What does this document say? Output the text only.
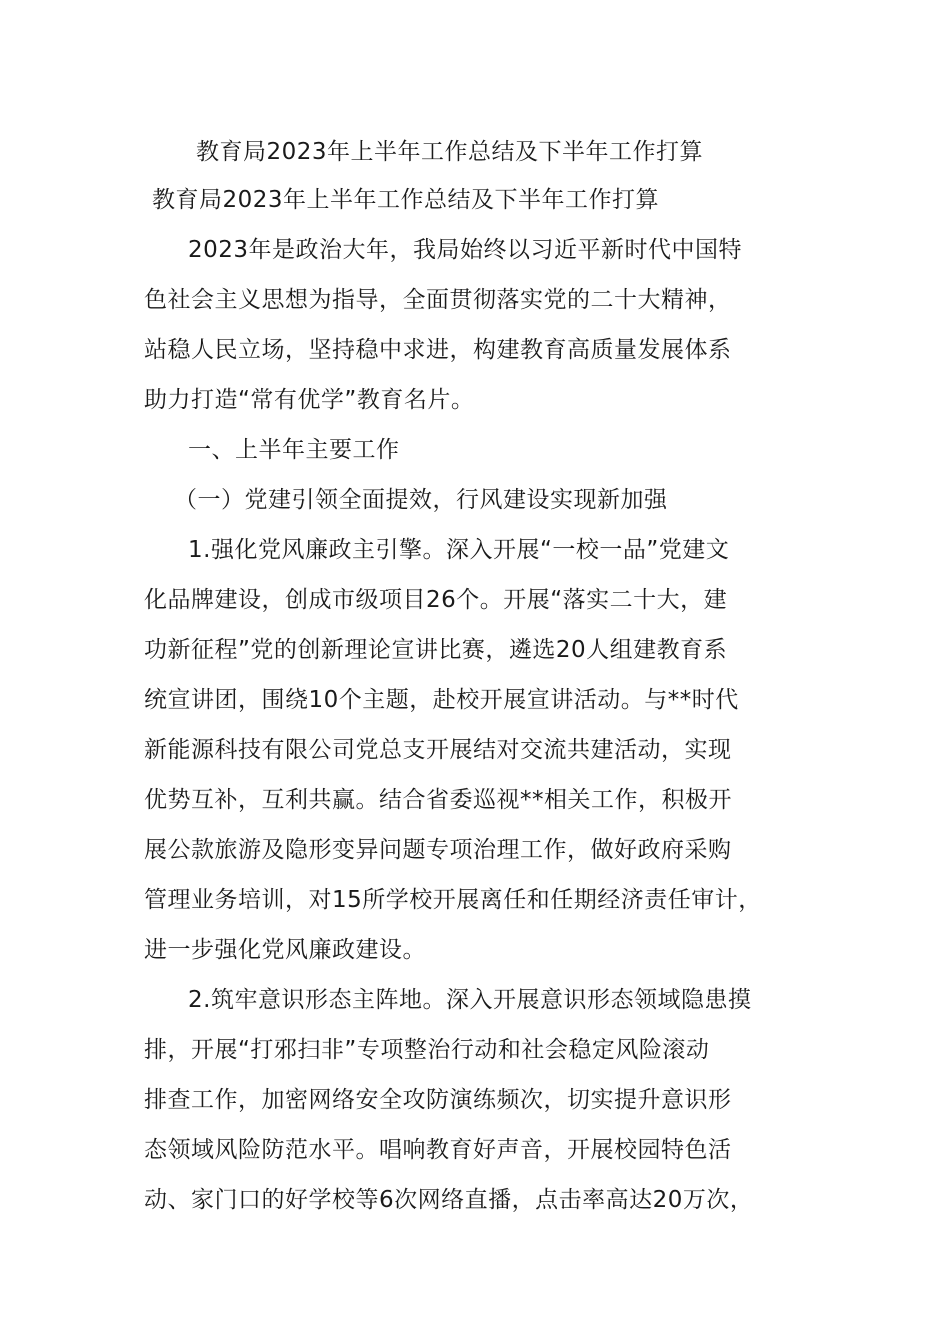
教育局2023年上半年工作总结及下半年工作打算
教育局2023年上半年工作总结及下半年工作打算
2023年是政治大年，我局始终以习近平新时代中国特
色社会主义思想为指导，全面贯彻落实党的二十大精神，
站稳人民立场，坚持稳中求进，构建教育高质量发展体系
助力打造“常有优学”教育名片。
一、上半年主要工作
（一）党建引领全面提效，行风建设实现新加强
1.强化党风廉政主引擎。深入开展“一校一品”党建文
化品牌建设，创成市级项目26个。开展“落实二十大，建
功新征程”党的创新理论宣讲比赛，遴选20人组建教育系
统宣讲团，围绕10个主题，赴校开展宣讲活动。与**时代
新能源科技有限公司党总支开展结对交流共建活动，实现
优势互补，互利共赢。结合省委巡视**相关工作，积极开
展公款旅游及隐形变异问题专项治理工作，做好政府采购
管理业务培训，对15所学校开展离任和任期经济责任审计，
进一步强化党风廉政建设。
2.筑牢意识形态主阵地。深入开展意识形态领域隐患摸
排，开展“打邪扫非”专项整治行动和社会稳定风险滚动
排查工作，加密网络安全攻防演练频次，切实提升意识形
态领域风险防范水平。唱响教育好声音，开展校园特色活
动、家门口的好学校等6次网络直播，点击率高达20万次，
